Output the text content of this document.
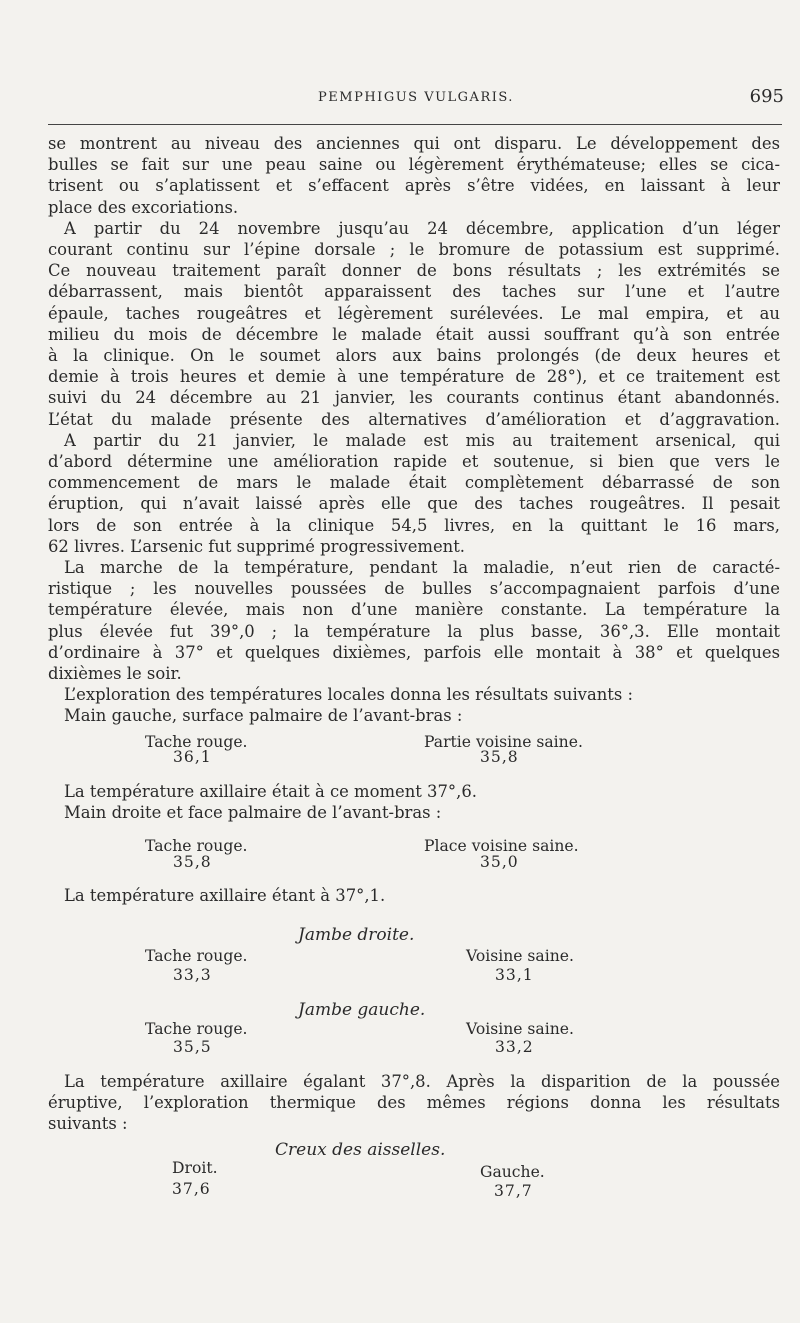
PEMPHIGUS VULGARIS.	695
se montrent au niveau des anciennes qui ont disparu. Le développement des
bulles se fait sur une peau saine ou légèrement érythémateuse; elles se cica-
trisent ou s’aplatissent et s’effacent après s’être vidées, en laissant à leur
place des excoriations.
A partir du 24 novembre jusqu’au 24 décembre, application d’un léger
courant continu sur l’épine dorsale ; le bromure de potassium est supprimé.
Ce nouveau traitement paraît donner de bons résultats ; les extrémités se
débarrassent, mais bientôt apparaissent des taches sur l’une et l’autre
épaule, taches rougeâtres et légèrement surélevées. Le mal empira, et au
milieu du mois de décembre le malade était aussi souffrant qu’à son entrée
à la clinique. On le soumet alors aux bains prolongés (de deux heures et
demie à trois heures et demie à une température de 28°), et ce traitement est
suivi du 24 décembre au 21 janvier, les courants continus étant abandonnés.
L’état du malade présente des alternatives d’amélioration et d’aggravation.
A partir du 21 janvier, le malade est mis au traitement arsenical, qui
d’abord détermine une amélioration rapide et soutenue, si bien que vers le
commencement de mars le malade était complètement débarrassé de son
éruption, qui n’avait laissé après elle que des taches rougeâtres. Il pesait
lors de son entrée à la clinique 54,5 livres, en la quittant le 16 mars,
62 livres. L’arsenic fut supprimé progressivement.
La marche de la température, pendant la maladie, n’eut rien de caracté-
ristique ; les nouvelles poussées de bulles s’accompagnaient parfois d’une
température élevée, mais non d’une manière constante. La température la
plus élevée fut 39°,0 ; la température la plus basse, 36°,3. Elle montait
d’ordinaire à 37° et quelques dixièmes, parfois elle montait à 38° et quelques
dixièmes le soir.
L’exploration des températures locales donna les résultats suivants :
Main gauche, surface palmaire de l’avant-bras :
Tache rouge.
36,1
Partie voisine saine.
35,8
La température axillaire était à ce moment 37°,6.
Main droite et face palmaire de l’avant-bras :
Tache rouge.
35,8
Place voisine saine.
35,0
La température axillaire étant à 37°,1.
Jambe droite.
Tache rouge.
33,3
Voisine saine.
33,1
Jambe gauche.
Tache rouge.
35,5
Voisine saine.
33,2
La température axillaire égalant 37°,8. Après la disparition de la poussée
éruptive, l’exploration thermique des mêmes régions donna les résultats
suivants :
Creux des aisselles.
Droit.
37,6
Gauche.
37,7
